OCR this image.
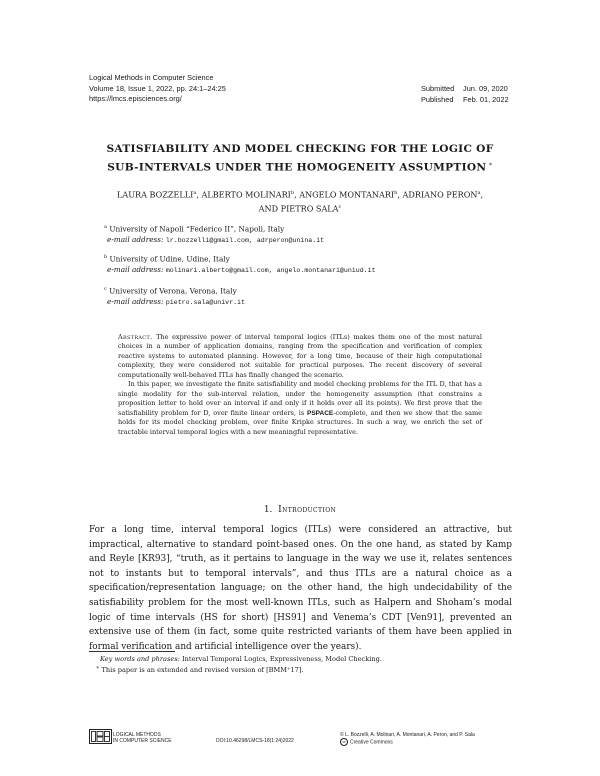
Logical Methods in Computer Science
Volume 18, Issue 1, 2022, pp. 24:1–24:25
https://lmcs.episciences.org/
Submitted Jun. 09, 2020
Published Feb. 01, 2022
SATISFIABILITY AND MODEL CHECKING FOR THE LOGIC OF
SUB-INTERVALS UNDER THE HOMOGENEITY ASSUMPTION ∗
LAURA BOZZELLI$^a$, ALBERTO MOLINARI$^b$, ANGELO MONTANARI$^b$, ADRIANO PERON$^a$,
AND PIETRO SALA$^c$
$^a$ University of Napoli “Federico II”, Napoli, Italy
e-mail address: lr.bozzelli@gmail.com, adrperon@unina.it
$^b$ University of Udine, Udine, Italy
e-mail address: molinari.alberto@gmail.com, angelo.montanari@uniud.it
$^c$ University of Verona, Verona, Italy
e-mail address: pietro.sala@univr.it

Abstract. The expressive power of interval temporal logics (ITLs) makes them one of the most natural choices in a number of application domains, ranging from the specification and verification of complex reactive systems to automated planning. However, for a long time, because of their high computational complexity, they were considered not suitable for practical purposes. The recent discovery of several computationally well-behaved ITLs has finally changed the scenario.

In this paper, we investigate the finite satisfiability and model checking problems for the ITL D, that has a single modality for the sub-interval relation, under the homogeneity assumption (that constrains a proposition letter to hold over an interval if and only if it holds over all its points). We first prove that the satisfiability problem for D, over finite linear orders, is PSPACE-complete, and then we show that the same holds for its model checking problem, over finite Kripke structures. In such a way, we enrich the set of tractable interval temporal logics with a new meaningful representative.

1. Introduction
For a long time, interval temporal logics (ITLs) were considered an attractive, but impractical, alternative to standard point-based ones. On the one hand, as stated by Kamp and Reyle [KR93], “truth, as it pertains to language in the way we use it, relates sentences not to instants but to temporal intervals”, and thus ITLs are a natural choice as a specification/representation language; on the other hand, the high undecidability of the satisfiability problem for the most well-known ITLs, such as Halpern and Shoham’s modal logic of time intervals (HS for short) [HS91] and Venema’s CDT [Ven91], prevented an extensive use of them (in fact, some quite restricted variants of them have been applied in formal verification and artificial intelligence over the years).
Key words and phrases: Interval Temporal Logics, Expressiveness, Model Checking.
∗ This paper is an extended and revised version of [BMM⁺17].
LOGICAL METHODS
IN COMPUTER SCIENCE	DOI:10.46298/LMCS-18(1:24)2022
© L. Bozzelli, A. Molinari, A. Montanari, A. Peron, and P. Sala
cc Creative Commons
